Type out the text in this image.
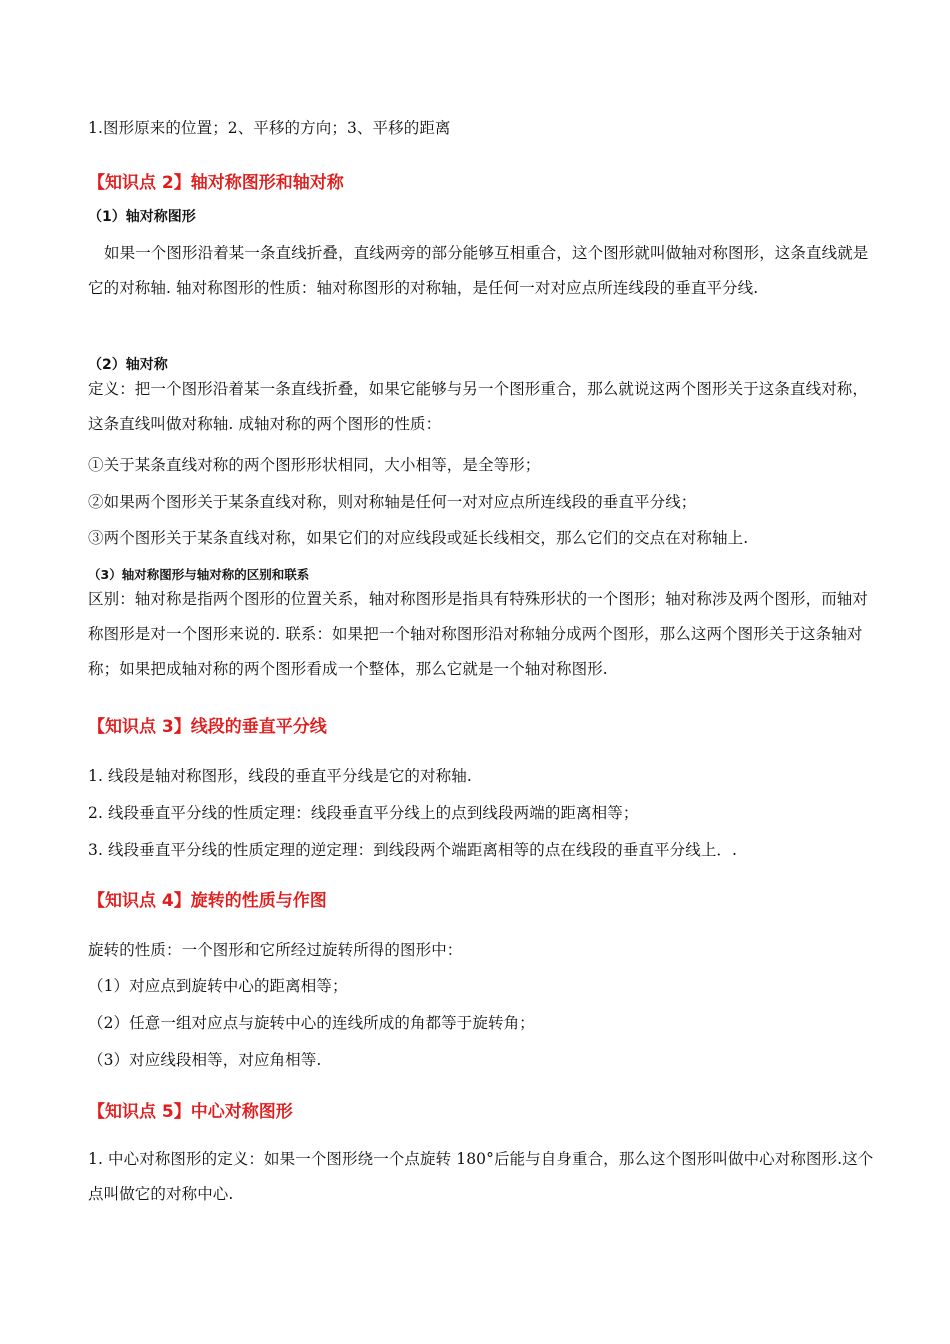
1.图形原来的位置；2、平移的方向；3、平移的距离
【知识点 2】轴对称图形和轴对称
（1）轴对称图形
如果一个图形沿着某一条直线折叠，直线两旁的部分能够互相重合，这个图形就叫做轴对称图形，这条直线就是它的对称轴. 轴对称图形的性质：轴对称图形的对称轴，是任何一对对应点所连线段的垂直平分线.
（2）轴对称
定义：把一个图形沿着某一条直线折叠，如果它能够与另一个图形重合，那么就说这两个图形关于这条直线对称，这条直线叫做对称轴. 成轴对称的两个图形的性质：
①关于某条直线对称的两个图形形状相同，大小相等，是全等形；
②如果两个图形关于某条直线对称，则对称轴是任何一对对应点所连线段的垂直平分线；
③两个图形关于某条直线对称，如果它们的对应线段或延长线相交，那么它们的交点在对称轴上.
（3）轴对称图形与轴对称的区别和联系
区别：轴对称是指两个图形的位置关系，轴对称图形是指具有特殊形状的一个图形；轴对称涉及两个图形，而轴对称图形是对一个图形来说的. 联系：如果把一个轴对称图形沿对称轴分成两个图形，那么这两个图形关于这条轴对称；如果把成轴对称的两个图形看成一个整体，那么它就是一个轴对称图形.
【知识点 3】线段的垂直平分线
1. 线段是轴对称图形，线段的垂直平分线是它的对称轴.
2. 线段垂直平分线的性质定理：线段垂直平分线上的点到线段两端的距离相等；
3. 线段垂直平分线的性质定理的逆定理：到线段两个端距离相等的点在线段的垂直平分线上．.
【知识点 4】旋转的性质与作图
旋转的性质：一个图形和它所经过旋转所得的图形中：
（1）对应点到旋转中心的距离相等；
（2）任意一组对应点与旋转中心的连线所成的角都等于旋转角；
（3）对应线段相等，对应角相等.
【知识点 5】中心对称图形
1. 中心对称图形的定义：如果一个图形绕一个点旋转 180°后能与自身重合，那么这个图形叫做中心对称图形.这个点叫做它的对称中心.
